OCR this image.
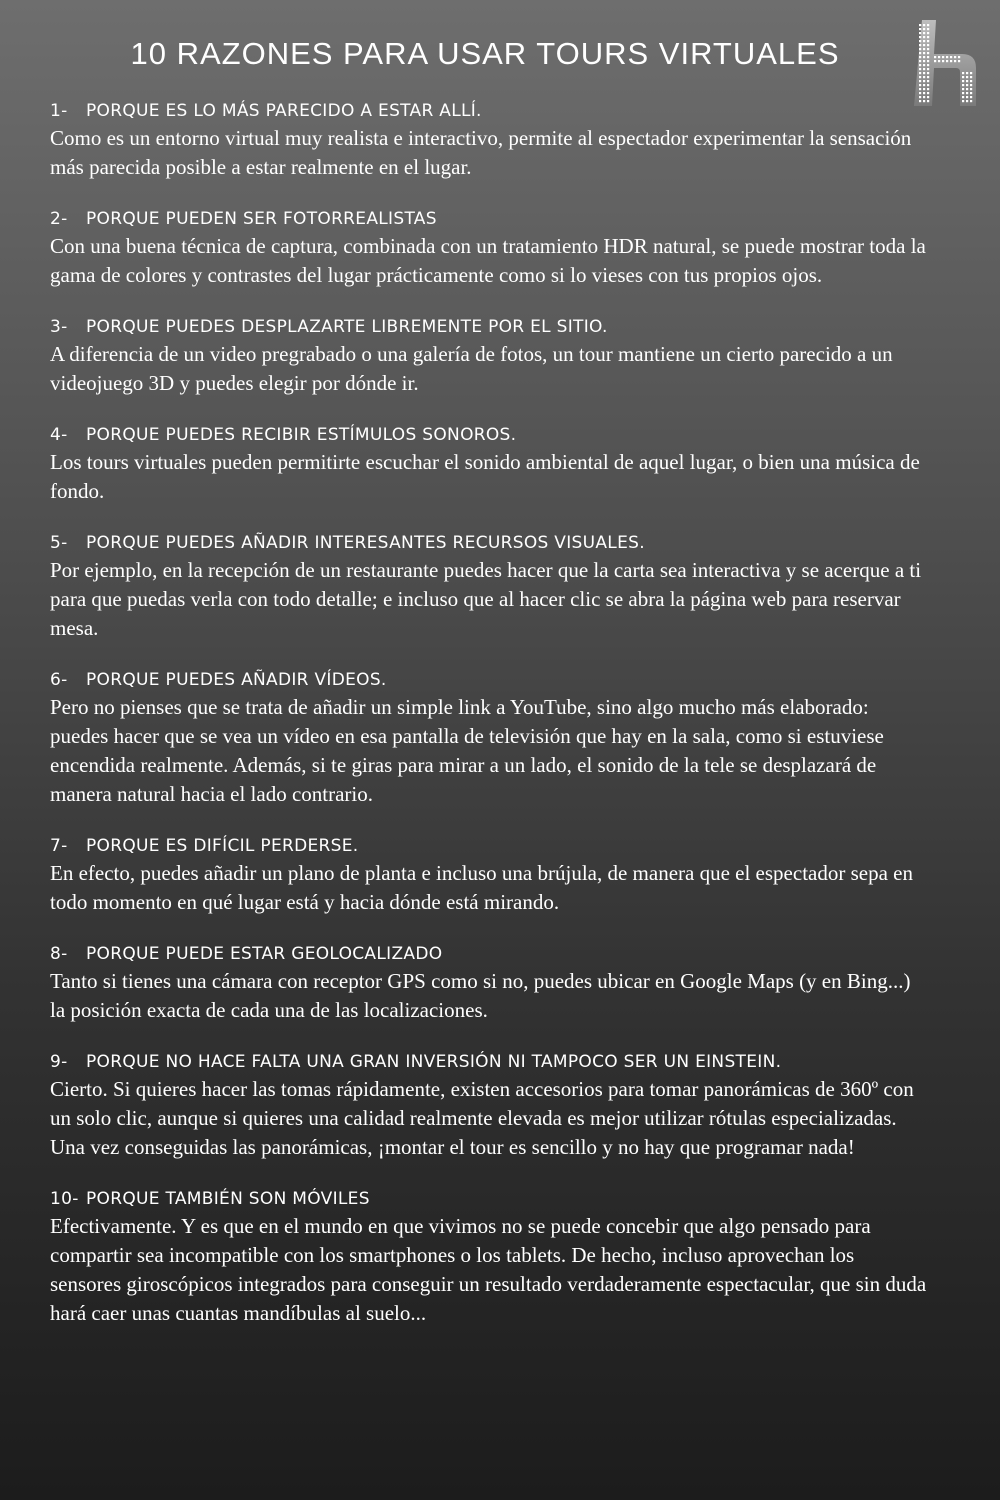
10 RAZONES PARA USAR TOURS VIRTUALES
1- PORQUE ES LO MÁS PARECIDO A ESTAR ALLÍ.
Como es un entorno virtual muy realista e interactivo, permite al espectador experimentar la sensación más parecida posible a estar realmente en el lugar.
2- PORQUE PUEDEN SER FOTORREALISTAS
Con una buena técnica de captura, combinada con un tratamiento HDR natural, se puede mostrar toda la gama de colores y contrastes del lugar prácticamente como si lo vieses con tus propios ojos.
3- PORQUE PUEDES DESPLAZARTE LIBREMENTE POR EL SITIO.
A diferencia de un video pregrabado o una galería de fotos, un tour mantiene un cierto parecido a un videojuego 3D y puedes elegir por dónde ir.
4- PORQUE PUEDES RECIBIR ESTÍMULOS SONOROS.
Los tours virtuales pueden permitirte escuchar el sonido ambiental de aquel lugar, o bien una música de fondo.
5- PORQUE PUEDES AÑADIR INTERESANTES RECURSOS VISUALES.
Por ejemplo, en la recepción de un restaurante puedes hacer que la carta sea interactiva y se acerque a ti para que puedas verla con todo detalle; e incluso que al hacer clic se abra la página web para reservar mesa.
6- PORQUE PUEDES AÑADIR VÍDEOS.
Pero no pienses que se trata de añadir un simple link a YouTube, sino algo mucho más elaborado: puedes hacer que se vea un vídeo en esa pantalla de televisión que hay en la sala, como si estuviese encendida realmente. Además, si te giras para mirar a un lado, el sonido de la tele se desplazará de manera natural hacia el lado contrario.
7- PORQUE ES DIFÍCIL PERDERSE.
En efecto, puedes añadir un plano de planta e incluso una brújula, de manera que el espectador sepa en todo momento en qué lugar está y hacia dónde está mirando.
8- PORQUE PUEDE ESTAR GEOLOCALIZADO
Tanto si tienes una cámara con receptor GPS como si no, puedes ubicar en Google Maps (y en Bing...) la posición exacta de cada una de las localizaciones.
9- PORQUE NO HACE FALTA UNA GRAN INVERSIÓN NI TAMPOCO SER UN EINSTEIN.
Cierto. Si quieres hacer las tomas rápidamente, existen accesorios para tomar panorámicas de 360º con un solo clic, aunque si quieres una calidad realmente elevada es mejor utilizar rótulas especializadas. Una vez conseguidas las panorámicas, ¡montar el tour es sencillo y no hay que programar nada!
10- PORQUE TAMBIÉN SON MÓVILES
Efectivamente. Y es que en el mundo en que vivimos no se puede concebir que algo pensado para compartir sea incompatible con los smartphones o los tablets. De hecho, incluso aprovechan los sensores giroscópicos integrados para conseguir un resultado verdaderamente espectacular, que sin duda hará caer unas cuantas mandíbulas al suelo...
